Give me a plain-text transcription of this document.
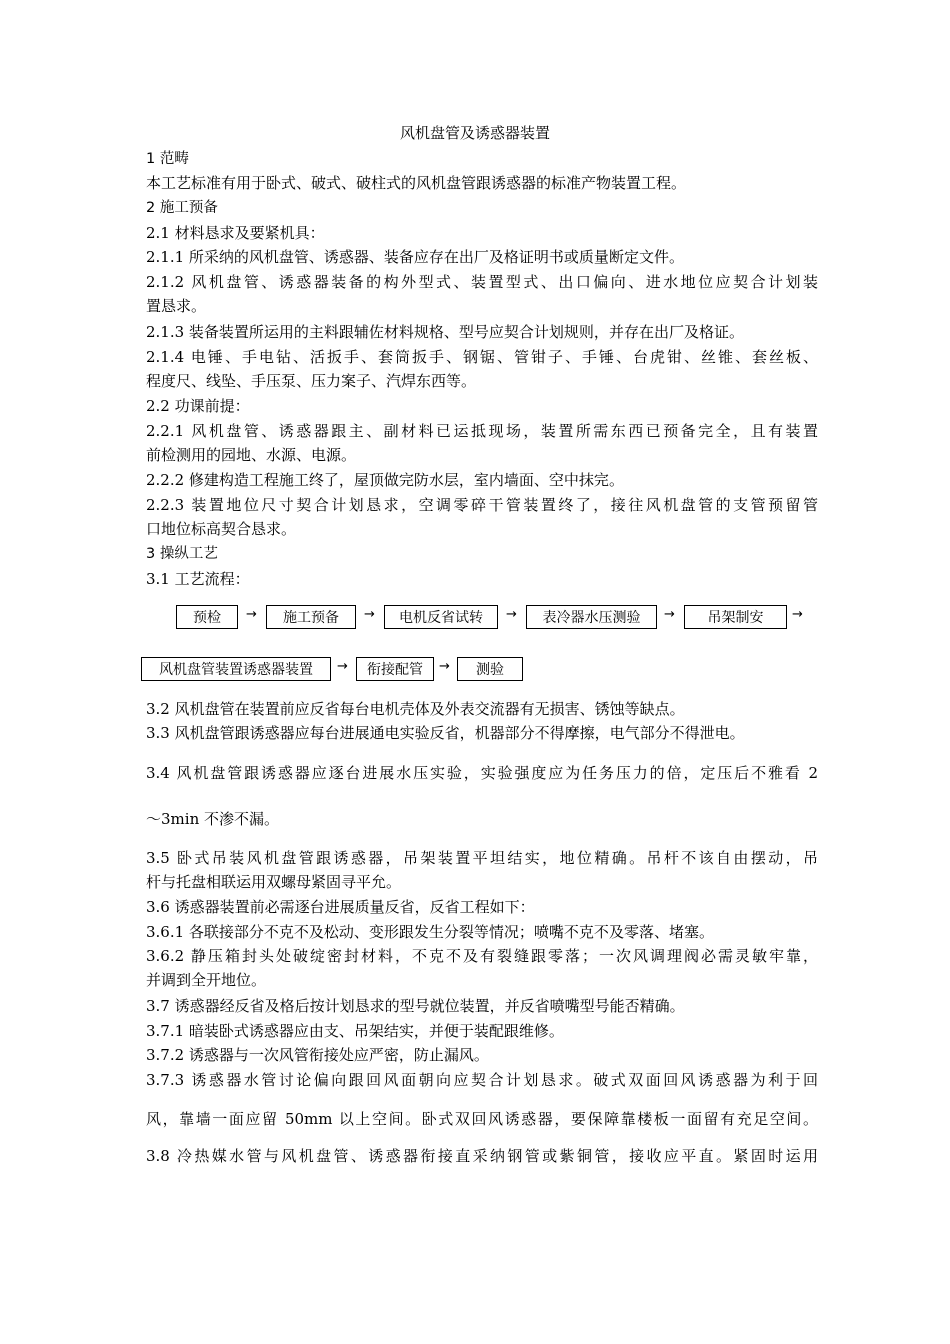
风机盘管及诱惑器装置
1 范畴
本工艺标准有用于卧式、破式、破柱式的风机盘管跟诱惑器的标准产物装置工程。
2 施工预备
2.1 材料恳求及要紧机具：
2.1.1 所采纳的风机盘管、诱惑器、装备应存在出厂及格证明书或质量断定文件。
2.1.2 风机盘管、诱惑器装备的构外型式、装置型式、出口偏向、进水地位应契合计划装
置恳求。
2.1.3 装备装置所运用的主料跟辅佐材料规格、型号应契合计划规则，并存在出厂及格证。
2.1.4 电锤、手电钻、活扳手、套筒扳手、钢锯、管钳子、手锤、台虎钳、丝锥、套丝板、
程度尺、线坠、手压泵、压力案子、汽焊东西等。
2.2 功课前提：
2.2.1 风机盘管、诱惑器跟主、副材料已运抵现场，装置所需东西已预备完全，且有装置
前检测用的园地、水源、电源。
2.2.2 修建构造工程施工终了，屋顶做完防水层，室内墙面、空中抹完。
2.2.3 装置地位尺寸契合计划恳求，空调零碎干管装置终了，接往风机盘管的支管预留管
口地位标高契合恳求。
3 操纵工艺
3.1 工艺流程：
预检	→	施工预备	→	电机反省试转	→	表冷器水压测验	→	吊架制安	→
风机盘管装置诱惑器装置	→	衔接配管	→	测验
3.2 风机盘管在装置前应反省每台电机壳体及外表交流器有无损害、锈蚀等缺点。
3.3 风机盘管跟诱惑器应每台进展通电实验反省，机器部分不得摩擦，电气部分不得泄电。
3.4 风机盘管跟诱惑器应逐台进展水压实验，实验强度应为任务压力的倍，定压后不雅看 2
～3min 不渗不漏。
3.5 卧式吊装风机盘管跟诱惑器，吊架装置平坦结实，地位精确。吊杆不该自由摆动，吊
杆与托盘相联运用双螺母紧固寻平允。
3.6 诱惑器装置前必需逐台进展质量反省，反省工程如下：
3.6.1 各联接部分不克不及松动、变形跟发生分裂等情况；喷嘴不克不及零落、堵塞。
3.6.2 静压箱封头处破绽密封材料，不克不及有裂缝跟零落；一次风调理阀必需灵敏牢靠，
并调到全开地位。
3.7 诱惑器经反省及格后按计划恳求的型号就位装置，并反省喷嘴型号能否精确。
3.7.1 暗装卧式诱惑器应由支、吊架结实，并便于装配跟维修。
3.7.2 诱惑器与一次风管衔接处应严密，防止漏风。
3.7.3 诱惑器水管讨论偏向跟回风面朝向应契合计划恳求。破式双面回风诱惑器为利于回
风，靠墙一面应留 50mm 以上空间。卧式双回风诱惑器，要保障靠楼板一面留有充足空间。
3.8 冷热媒水管与风机盘管、诱惑器衔接直采纳钢管或紫铜管，接收应平直。紧固时运用
